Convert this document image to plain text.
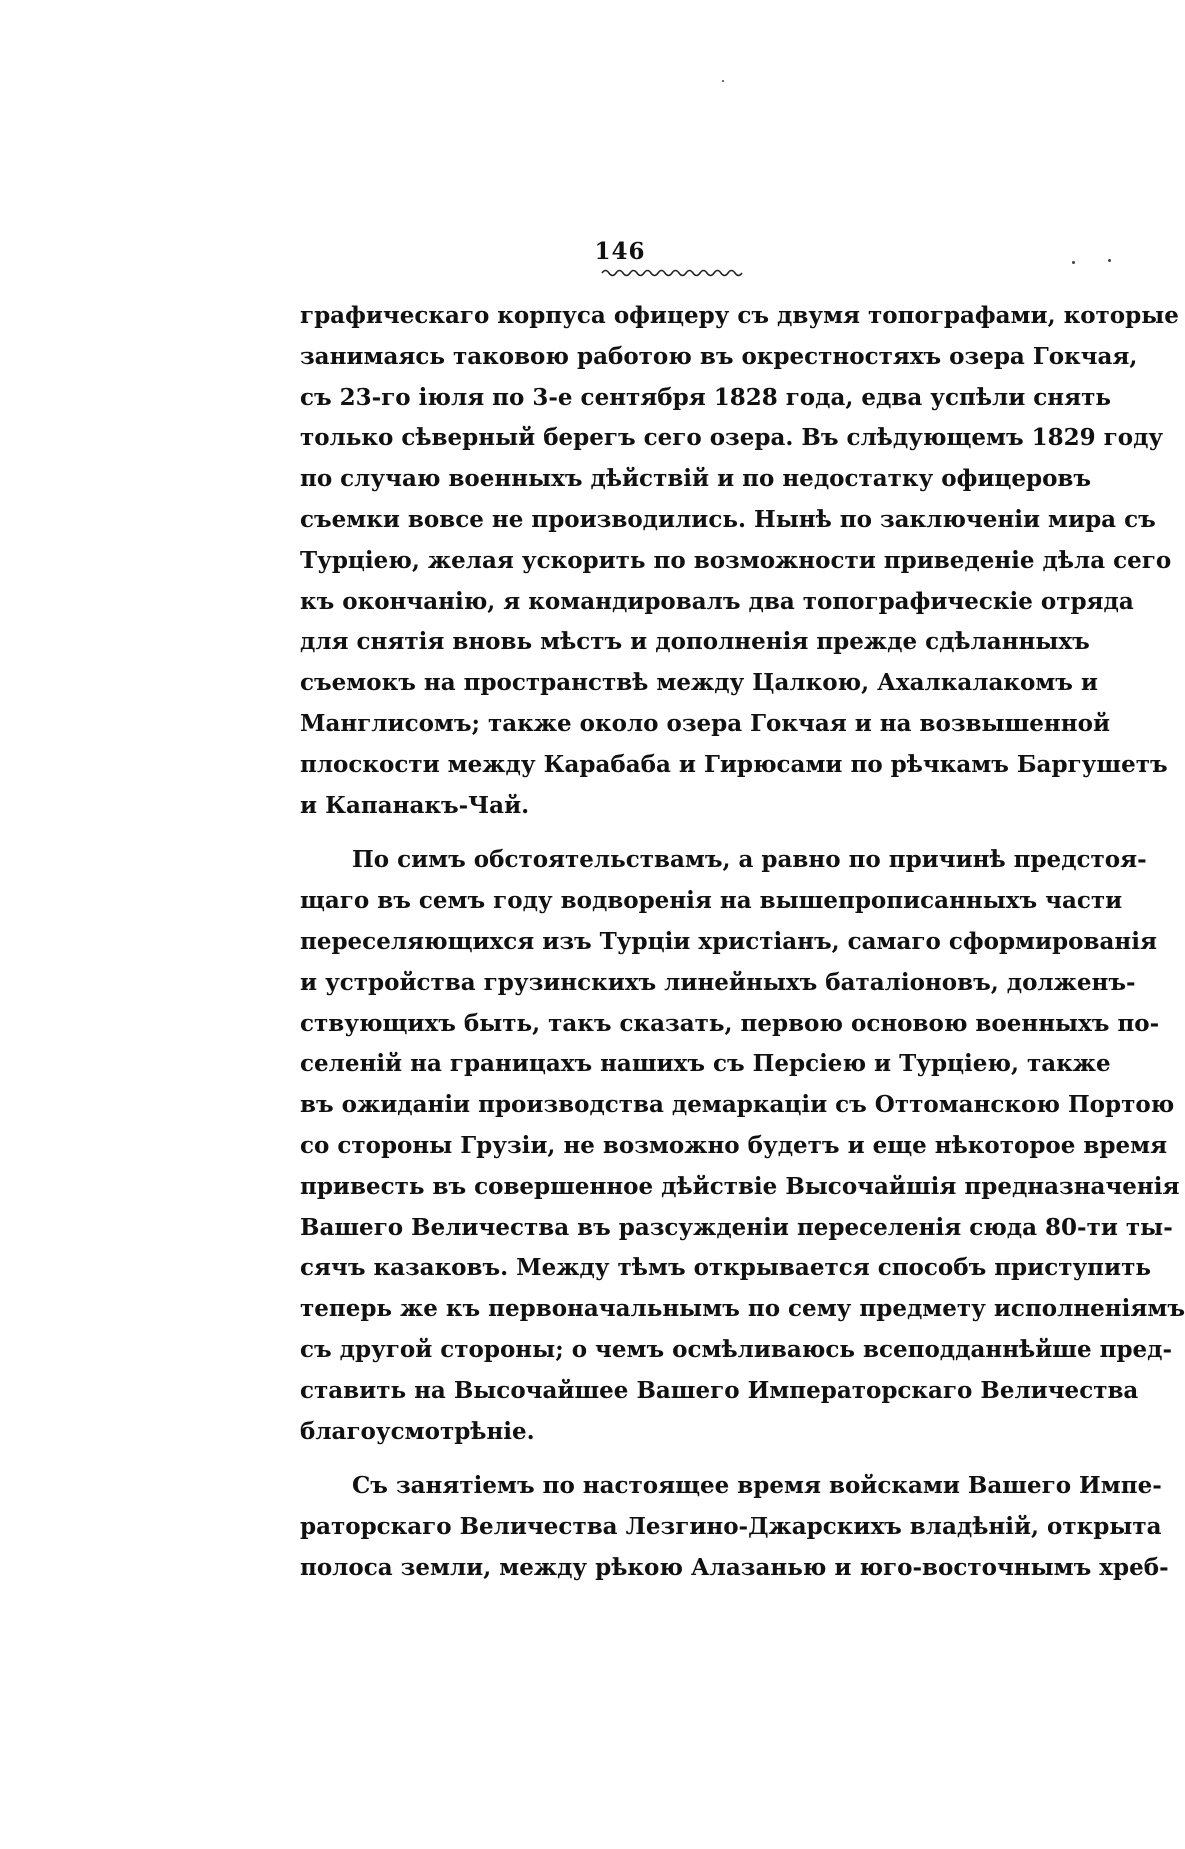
146
графическаго корпуса офицеру съ двумя топографами, которые
занимаясь таковою работою въ окрестностяхъ озера Гокчая,
съ 23-го iюля по 3-е сентября 1828 года, едва успѣли снять
только сѣверный берегъ сего озера. Въ слѣдующемъ 1829 году
по случаю военныхъ дѣйствiй и по недостатку офицеровъ
съемки вовсе не производились. Нынѣ по заключенiи мира съ
Турцiею, желая ускорить по возможности приведенiе дѣла сего
къ окончанiю, я командировалъ два топографическiе отряда
для снятiя вновь мѣстъ и дополненiя прежде сдѣланныхъ
съемокъ на пространствѣ между Цалкою, Ахалкалакомъ и
Манглисомъ; также около озера Гокчая и на возвышенной
плоскости между Карабаба и Гирюсами по рѣчкамъ Баргушетъ
и Капанакъ-Чай.
По симъ обстоятельствамъ, а равно по причинѣ предстоя-
щаго въ семъ году водворенiя на вышепрописанныхъ части
переселяющихся изъ Турцiи христiанъ, самаго сформированiя
и устройства грузинскихъ линейныхъ баталiоновъ, долженъ-
ствующихъ быть, такъ сказать, первою основою военныхъ по-
селенiй на границахъ нашихъ съ Персiею и Турцiею, также
въ ожиданiи производства демаркацiи съ Оттоманскою Портою
со стороны Грузiи, не возможно будетъ и еще нѣкоторое время
привесть въ совершенное дѣйствiе Высочайшiя предназначенiя
Вашего Величества въ разсужденiи переселенiя сюда 80-ти ты-
сячъ казаковъ. Между тѣмъ открывается способъ приступить
теперь же къ первоначальнымъ по сему предмету исполненiямъ
съ другой стороны; о чемъ осмѣливаюсь всеподданнѣйше пред-
ставить на Высочайшее Вашего Императорскаго Величества
благоусмотрѣнiе.
Съ занятiемъ по настоящее время войсками Вашего Импе-
раторскаго Величества Лезгино-Джарскихъ владѣнiй, открыта
полоса земли, между рѣкою Алазанью и юго-восточнымъ хреб-
